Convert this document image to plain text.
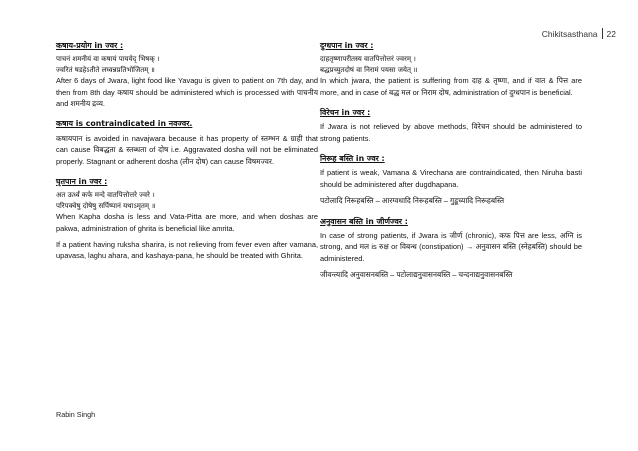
Chikitsasthana 22
कषाय-प्रयोग in ज्वर :
पाचनं शमनीयं वा कषायं पाययेद् भिषक् ।
ज्वरितं षडहेऽतीते लघ्वन्नप्रतिभोजितम् ॥
After 6 days of Jwara, light food like Yavagu is given to patient on 7th day, and then from 8th day कषाय should be administered which is processed with पाचनीय and शमनीय द्रव्य.
कषाय is contraindicated in नवज्वर.
कषायपान is avoided in navajwara because it has property of स्तम्भन & ग्राही that can cause विबद्धता & स्तब्धता of दोष i.e. Aggravated dosha will not be eliminated properly. Stagnant or adherent dosha (लीन दोष) can cause विषमज्वर.
घृतपान in ज्वर :
अत ऊर्ध्वं कफे मन्दे वातपित्तोत्तरे ज्वरे ।
परिपक्वेषु दोषेषु सर्पिष्पानं यथाऽमृतम् ॥
When Kapha dosha is less and Vata-Pitta are more, and when doshas are pakwa, administration of ghrita is beneficial like amrita.
If a patient having ruksha sharira, is not relieving from fever even after vamana, upavasa, laghu ahara, and kashaya-pana, he should be treated with Ghrita.
दुग्धपान in ज्वर :
दाहतृष्णापरीतस्य वातपित्तोत्तरं ज्वरम् ।
बद्धप्रच्युतदोषं वा निरामं पयसा जयेत् ॥
In which jwara, the patient is suffering from दाह & तृष्णा, and if वात & पित्त are more, and in case of बद्ध मल or निराम दोष, administration of दुग्धपान is beneficial.
विरेचन in ज्वर :
If Jwara is not relieved by above methods, विरेचन should be administered to strong patients.
निरूह बस्ति in ज्वर :
If patient is weak, Vamana & Virechana are contraindicated, then Niruha basti should be administered after dugdhapana.
पटोलादि निरूहबस्ति – आरग्वधादि निरूहबस्ति – गुडूच्यादि निरूहबस्ति
अनुवासन बस्ति in जीर्णज्वर :
In case of strong patients, if Jwara is जीर्ण (chronic), कफ पित्त are less, अग्नि is strong, and मल is रुक्ष or विबन्ध (constipation) → अनुवासन बस्ति (स्नेहबस्ति) should be administered.
जीवन्त्यादि अनुवासनबस्ति – पटोलाद्यनुवासनबस्ति – चन्दनाद्यनुवासनबस्ति
Rabin Singh
